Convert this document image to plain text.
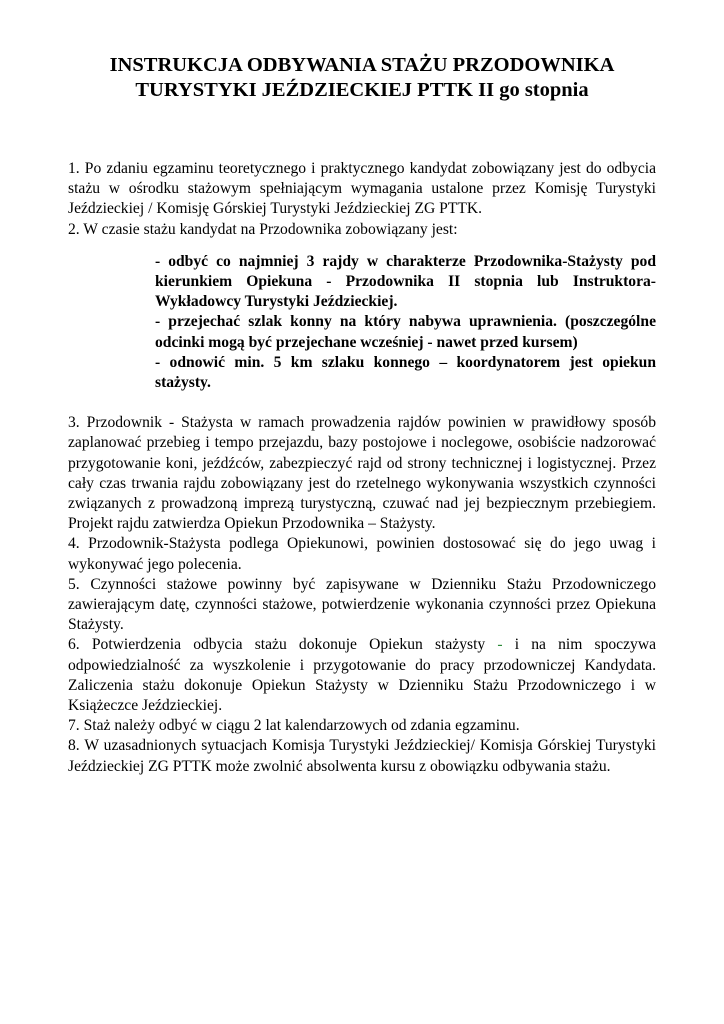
INSTRUKCJA ODBYWANIA STAŻU PRZODOWNIKA
TURYSTYKI JEŹDZIECKIEJ PTTK II go stopnia

1. Po zdaniu egzaminu teoretycznego i praktycznego kandydat zobowiązany jest do odbycia stażu w ośrodku stażowym spełniającym wymagania ustalone przez Komisję Turystyki Jeździeckiej / Komisję Górskiej Turystyki Jeździeckiej ZG PTTK.

2. W czasie stażu kandydat na Przodownika zobowiązany jest:

- odbyć co najmniej 3 rajdy w charakterze Przodownika-Stażysty pod kierunkiem Opiekuna - Przodownika II stopnia lub Instruktora-Wykładowcy Turystyki Jeździeckiej.

- przejechać szlak konny na który nabywa uprawnienia. (poszczególne odcinki mogą być przejechane wcześniej - nawet przed kursem)

- odnowić min. 5 km szlaku konnego – koordynatorem jest opiekun stażysty.

3. Przodownik - Stażysta w ramach prowadzenia rajdów powinien w prawidłowy sposób zaplanować przebieg i tempo przejazdu, bazy postojowe i noclegowe, osobiście nadzorować przygotowanie koni, jeźdźców, zabezpieczyć rajd od strony technicznej i logistycznej. Przez cały czas trwania rajdu zobowiązany jest do rzetelnego wykonywania wszystkich czynności związanych z prowadzoną imprezą turystyczną, czuwać nad jej bezpiecznym przebiegiem. Projekt rajdu zatwierdza Opiekun Przodownika – Stażysty.

4. Przodownik-Stażysta podlega Opiekunowi, powinien dostosować się do jego uwag i wykonywać jego polecenia.

5. Czynności stażowe powinny być zapisywane w Dzienniku Stażu Przodowniczego zawierającym datę, czynności stażowe, potwierdzenie wykonania czynności przez Opiekuna Stażysty.

6. Potwierdzenia odbycia stażu dokonuje Opiekun stażysty - i na nim spoczywa odpowiedzialność za wyszkolenie i przygotowanie do pracy przodowniczej Kandydata. Zaliczenia stażu dokonuje Opiekun Stażysty w Dzienniku Stażu Przodowniczego i w Książeczce Jeździeckiej.

7. Staż należy odbyć w ciągu 2 lat kalendarzowych od zdania egzaminu.

8. W uzasadnionych sytuacjach Komisja Turystyki Jeździeckiej/ Komisja Górskiej Turystyki Jeździeckiej ZG PTTK może zwolnić absolwenta kursu z obowiązku odbywania stażu.
